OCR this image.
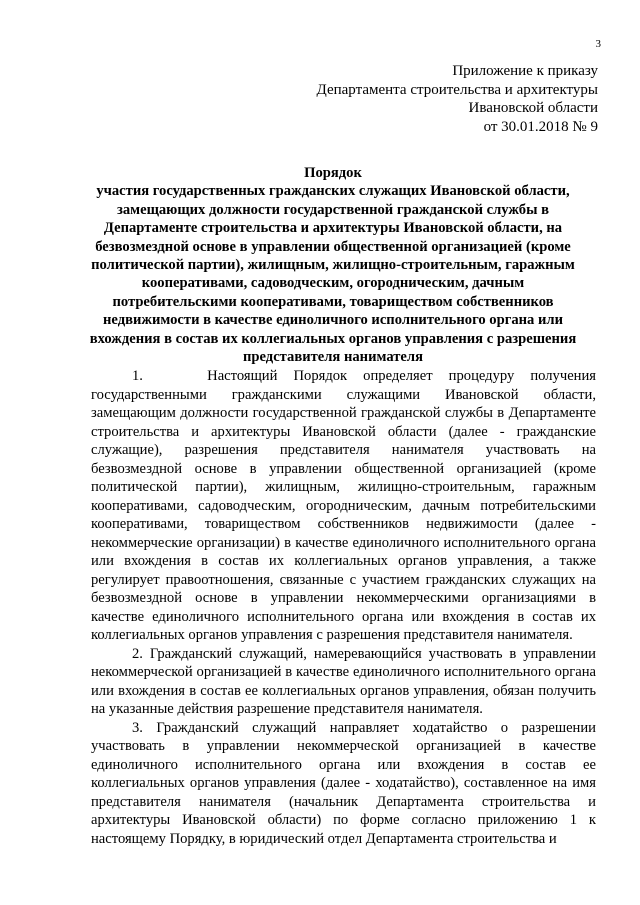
3
Приложение к приказу
Департамента строительства и архитектуры
Ивановской области
от 30.01.2018 № 9
Порядок
участия государственных гражданских служащих Ивановской области, замещающих должности государственной гражданской службы в Департаменте строительства и архитектуры Ивановской области, на безвозмездной основе в управлении общественной организацией (кроме политической партии), жилищным, жилищно-строительным, гаражным кооперативами, садоводческим, огородническим, дачным потребительскими кооперативами, товариществом собственников недвижимости в качестве единоличного исполнительного органа или вхождения в состав их коллегиальных органов управления с разрешения представителя нанимателя

1.    Настоящий Порядок определяет процедуру получения государственными гражданскими служащими Ивановской области, замещающим должности государственной гражданской службы в Департаменте строительства и архитектуры Ивановской области (далее - гражданские служащие), разрешения представителя нанимателя участвовать на безвозмездной основе в управлении общественной организацией (кроме политической партии), жилищным, жилищно-строительным, гаражным кооперативами, садоводческим, огородническим, дачным потребительскими кооперативами, товариществом собственников недвижимости (далее - некоммерческие организации) в качестве единоличного исполнительного органа или вхождения в состав их коллегиальных органов управления, а также регулирует правоотношения, связанные с участием гражданских служащих на безвозмездной основе в управлении некоммерческими организациями в качестве единоличного исполнительного органа или вхождения в состав их коллегиальных органов управления с разрешения представителя нанимателя.

2. Гражданский служащий, намеревающийся участвовать в управлении некоммерческой организацией в качестве единоличного исполнительного органа или вхождения в состав ее коллегиальных органов управления, обязан получить на указанные действия разрешение представителя нанимателя.

3. Гражданский служащий направляет ходатайство о разрешении участвовать в управлении некоммерческой организацией в качестве единоличного исполнительного органа или вхождения в состав ее коллегиальных органов управления (далее - ходатайство), составленное на имя представителя нанимателя (начальник Департамента строительства и архитектуры Ивановской области) по форме согласно приложению 1 к настоящему Порядку, в юридический отдел Департамента строительства и
